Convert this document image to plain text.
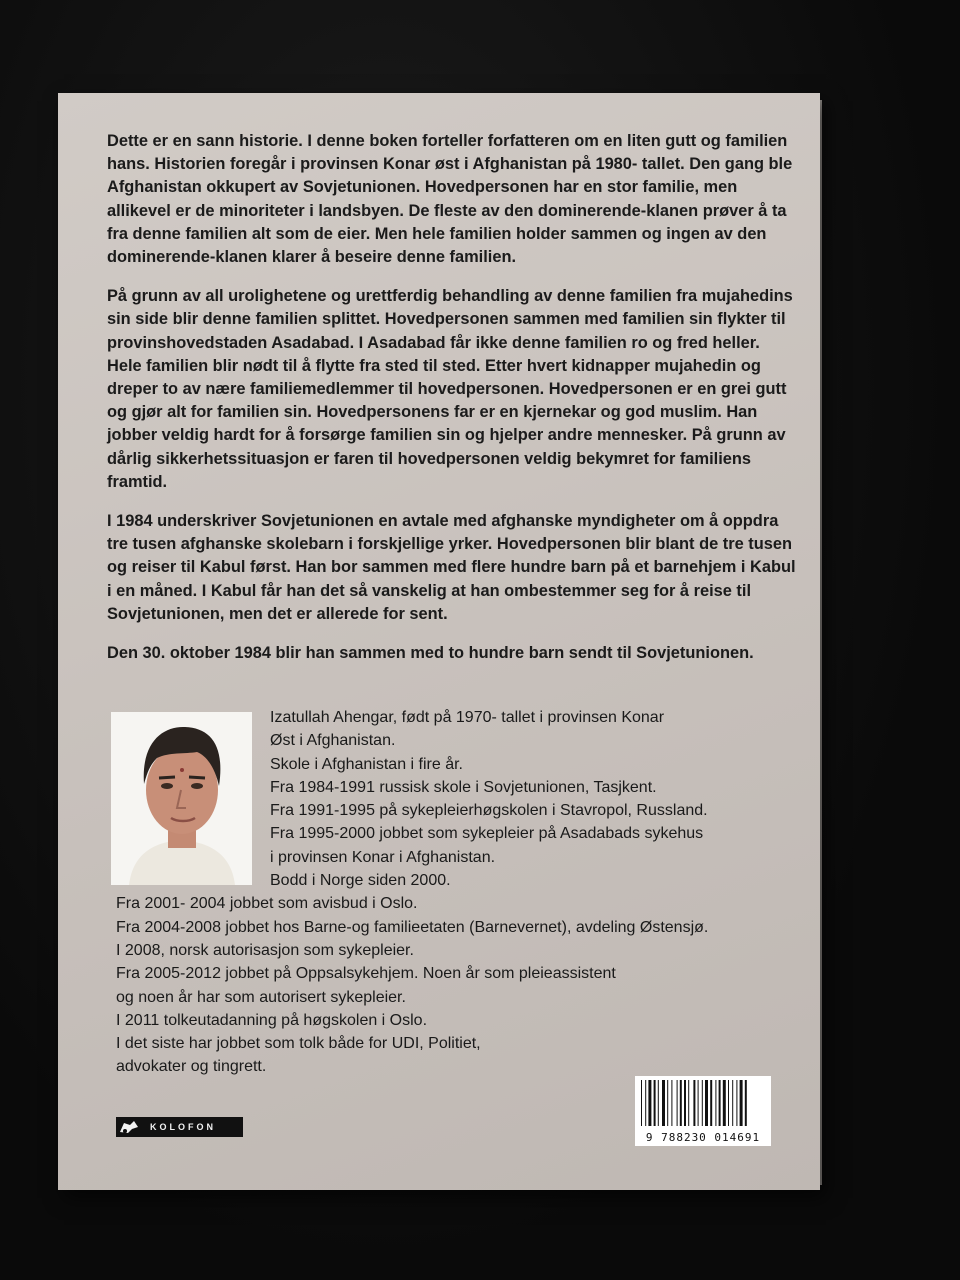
Dette er en sann historie. I denne boken forteller forfatteren om en liten gutt og familien hans. Historien foregår i provinsen Konar øst i Afghanistan på 1980- tallet. Den gang ble Afghanistan okkupert av Sovjetunionen. Hovedpersonen har en stor familie, men allikevel er de minoriteter i landsbyen. De fleste av den dominerende-klanen prøver å ta fra denne familien alt som de eier. Men hele familien holder sammen og ingen av den dominerende-klanen klarer å beseire denne familien.

På grunn av all urolighetene og urettferdig behandling av denne familien fra mujahedins sin side blir denne familien splittet. Hovedpersonen sammen med familien sin flykter til provinshovedstaden Asadabad. I Asadabad får ikke denne familien ro og fred heller. Hele familien blir nødt til å flytte fra sted til sted. Etter hvert kidnapper mujahedin og dreper to av nære familiemedlemmer til hovedpersonen. Hovedpersonen er en grei gutt og gjør alt for familien sin. Hovedpersonens far er en kjernekar og god muslim. Han jobber veldig hardt for å forsørge familien sin og hjelper andre mennesker. På grunn av dårlig sikkerhetssituasjon er faren til hovedpersonen veldig bekymret for familiens framtid.

I 1984 underskriver Sovjetunionen en avtale med afghanske myndigheter om å oppdra tre tusen afghanske skolebarn i forskjellige yrker. Hovedpersonen blir blant de tre tusen og reiser til Kabul først. Han bor sammen med flere hundre barn på et barnehjem i Kabul i en måned. I Kabul får han det så vanskelig at han ombestemmer seg for å reise til Sovjetunionen, men det er allerede for sent.

Den 30. oktober 1984 blir han sammen med to hundre barn sendt til Sovjetunionen.

Izatullah Ahengar, født på 1970- tallet i provinsen Konar
Øst i Afghanistan.
Skole i Afghanistan i fire år.
Fra 1984-1991 russisk skole i Sovjetunionen, Tasjkent.
Fra 1991-1995 på sykepleierhøgskolen i Stavropol, Russland.
Fra 1995-2000 jobbet som sykepleier på Asadabads sykehus
i provinsen Konar i Afghanistan.
Bodd i Norge siden 2000.
Fra 2001- 2004 jobbet som avisbud i Oslo.
Fra 2004-2008 jobbet hos Barne-og familieetaten (Barnevernet), avdeling Østensjø.
I 2008, norsk autorisasjon som sykepleier.
Fra 2005-2012 jobbet på Oppsalsykehjem. Noen år som pleieassistent
og noen år har som autorisert sykepleier.
I 2011 tolkeutadanning på høgskolen i Oslo.
I det siste har jobbet som tolk både for UDI, Politiet,
advokater og tingrett.
KOLOFON
9 788230 014691
